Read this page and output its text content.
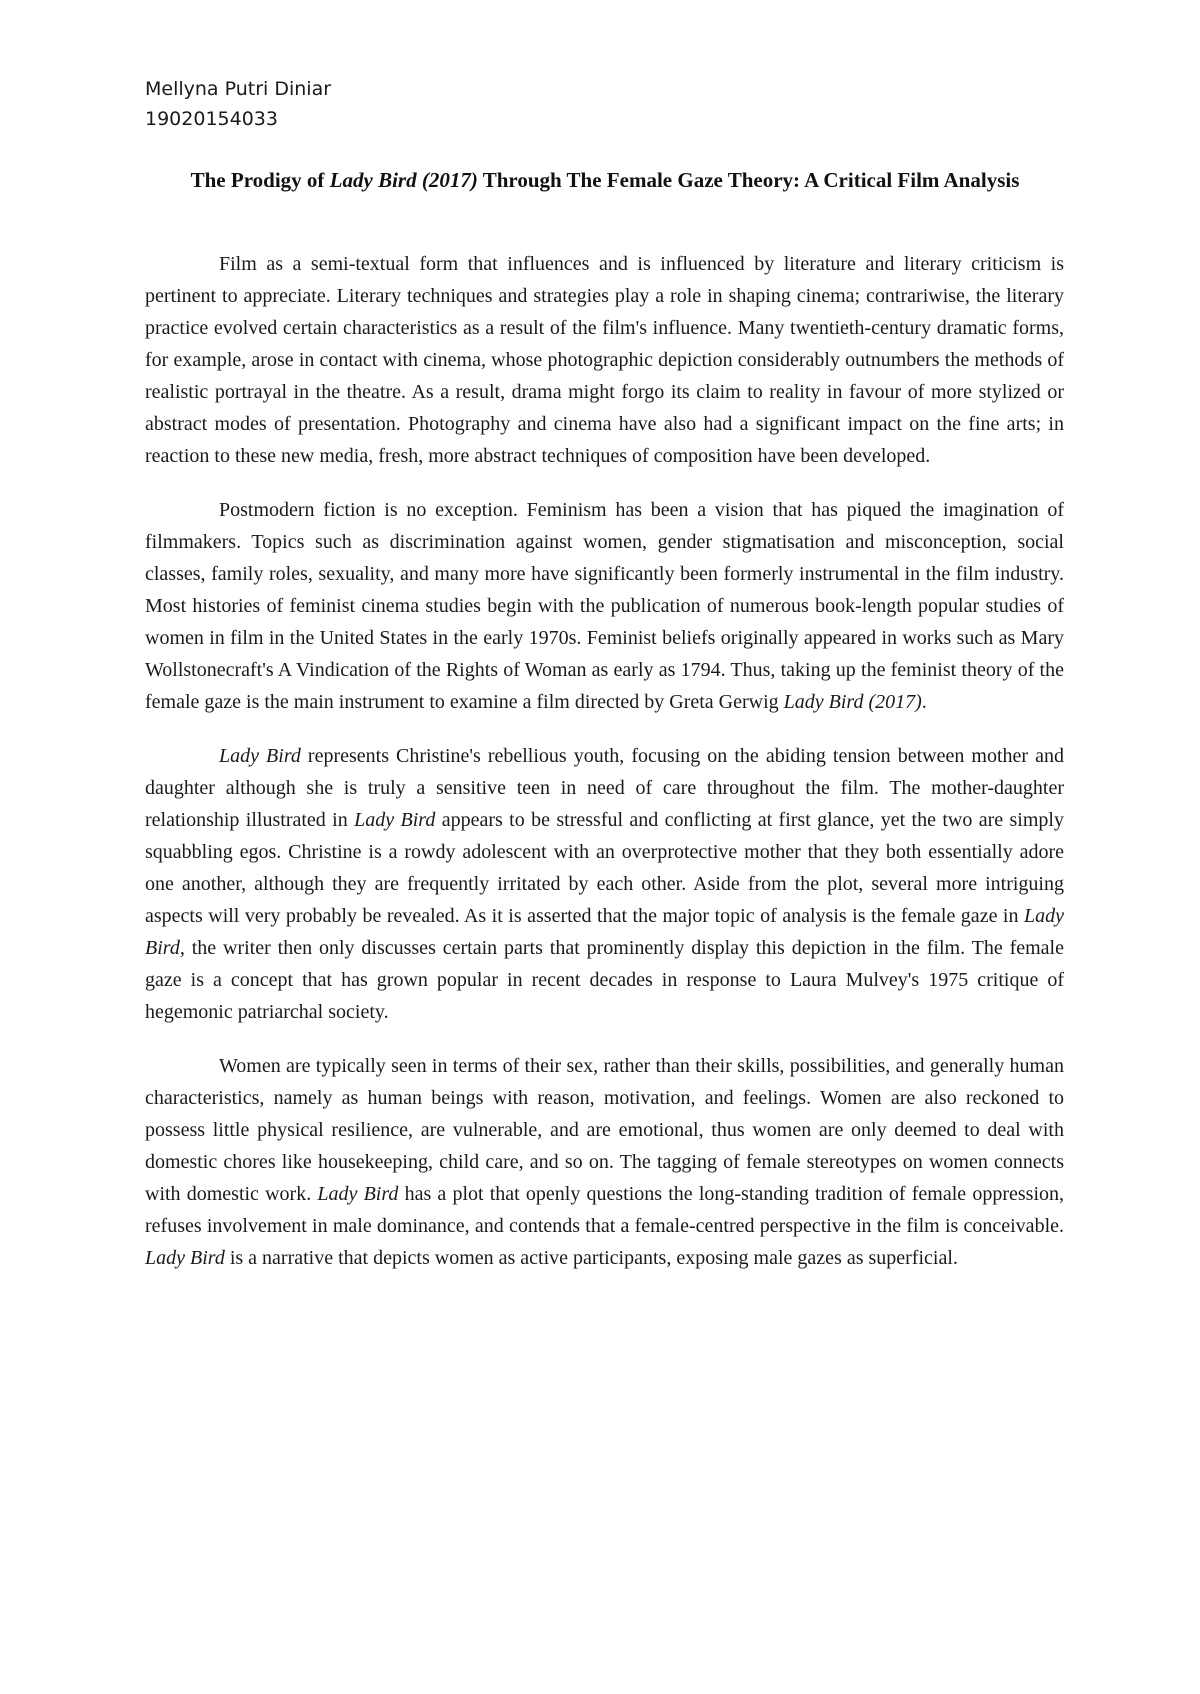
Mellyna Putri Diniar
19020154033
The Prodigy of Lady Bird (2017) Through The Female Gaze Theory: A Critical Film Analysis

Film as a semi-textual form that influences and is influenced by literature and literary criticism is pertinent to appreciate. Literary techniques and strategies play a role in shaping cinema; contrariwise, the literary practice evolved certain characteristics as a result of the film's influence. Many twentieth-century dramatic forms, for example, arose in contact with cinema, whose photographic depiction considerably outnumbers the methods of realistic portrayal in the theatre. As a result, drama might forgo its claim to reality in favour of more stylized or abstract modes of presentation. Photography and cinema have also had a significant impact on the fine arts; in reaction to these new media, fresh, more abstract techniques of composition have been developed.

Postmodern fiction is no exception. Feminism has been a vision that has piqued the imagination of filmmakers. Topics such as discrimination against women, gender stigmatisation and misconception, social classes, family roles, sexuality, and many more have significantly been formerly instrumental in the film industry. Most histories of feminist cinema studies begin with the publication of numerous book-length popular studies of women in film in the United States in the early 1970s. Feminist beliefs originally appeared in works such as Mary Wollstonecraft's A Vindication of the Rights of Woman as early as 1794. Thus, taking up the feminist theory of the female gaze is the main instrument to examine a film directed by Greta Gerwig Lady Bird (2017).

Lady Bird represents Christine's rebellious youth, focusing on the abiding tension between mother and daughter although she is truly a sensitive teen in need of care throughout the film. The mother-daughter relationship illustrated in Lady Bird appears to be stressful and conflicting at first glance, yet the two are simply squabbling egos. Christine is a rowdy adolescent with an overprotective mother that they both essentially adore one another, although they are frequently irritated by each other. Aside from the plot, several more intriguing aspects will very probably be revealed. As it is asserted that the major topic of analysis is the female gaze in Lady Bird, the writer then only discusses certain parts that prominently display this depiction in the film. The female gaze is a concept that has grown popular in recent decades in response to Laura Mulvey's 1975 critique of hegemonic patriarchal society.

Women are typically seen in terms of their sex, rather than their skills, possibilities, and generally human characteristics, namely as human beings with reason, motivation, and feelings. Women are also reckoned to possess little physical resilience, are vulnerable, and are emotional, thus women are only deemed to deal with domestic chores like housekeeping, child care, and so on. The tagging of female stereotypes on women connects with domestic work. Lady Bird has a plot that openly questions the long-standing tradition of female oppression, refuses involvement in male dominance, and contends that a female-centred perspective in the film is conceivable. Lady Bird is a narrative that depicts women as active participants, exposing male gazes as superficial.
